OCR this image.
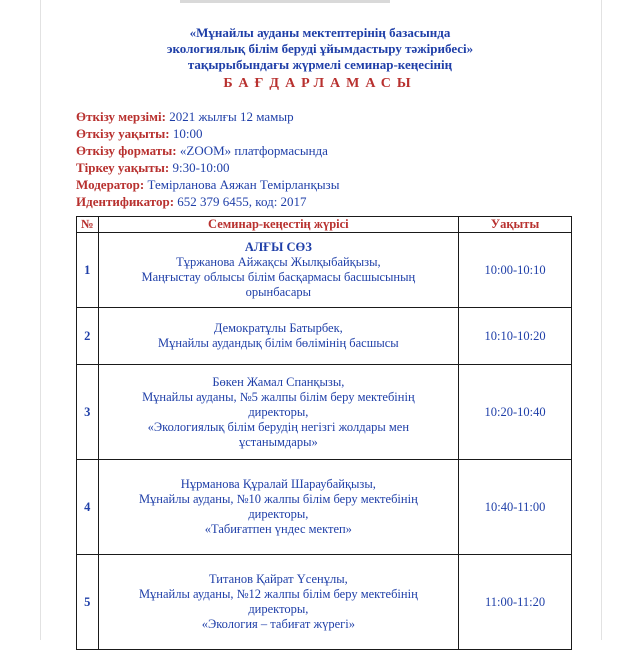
«Мұнайлы ауданы мектептерінің базасында
экологиялық білім беруді ұйымдастыру тәжірибесі»
тақырыбындағы жүрмелі семинар-кеңесінің
БАҒДАРЛАМАСЫ
Өткізу мерзімі: 2021 жылғы 12 мамыр
Өткізу уақыты: 10:00
Өткізу форматы: «ZOOM» платформасында
Тіркеу уақыты: 9:30-10:00
Модератор: Темірланова Аяжан Темірланқызы
Идентификатор: 652 379 6455, код: 2017
№	Семинар-кеңестің жүрісі	Уақыты
1	АЛҒЫ СӨЗ
Тұржанова Айжақсы Жылқыбайқызы,
Маңғыстау облысы білім басқармасы басшысының
орынбасары	10:00-10:10
2	Демократұлы Батырбек,
Мұнайлы аудандық білім бөлімінің басшысы	10:10-10:20
3	Бөкен Жамал Спанқызы,
Мұнайлы ауданы, №5 жалпы білім беру мектебінің
директоры,
«Экологиялық білім берудің негізгі жолдары мен
ұстанымдары»	10:20-10:40
4	Нұрманова Құралай Шараубайқызы,
Мұнайлы ауданы, №10 жалпы білім беру мектебінің
директоры,
«Табиғатпен үндес мектеп»	10:40-11:00
5	Титанов Қайрат Үсенұлы,
Мұнайлы ауданы, №12 жалпы білім беру мектебінің
директоры,
«Экология – табиғат жүрегі»	11:00-11:20
